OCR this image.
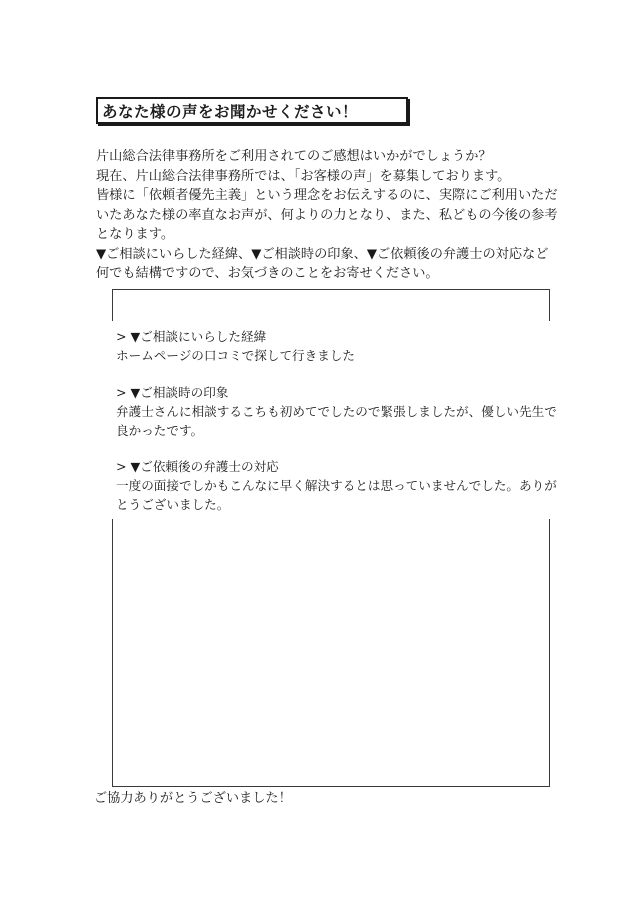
あなた様の声をお聞かせください！
片山総合法律事務所をご利用されてのご感想はいかがでしょうか？
現在、片山総合法律事務所では、「お客様の声」を募集しております。
皆様に「依頼者優先主義」という理念をお伝えするのに、実際にご利用いただ
いたあなた様の率直なお声が、何よりの力となり、また、私どもの今後の参考
となります。
▼ご相談にいらした経緯、▼ご相談時の印象、▼ご依頼後の弁護士の対応など
何でも結構ですので、お気づきのことをお寄せください。
> ▼ご相談にいらした経緯
ホームページの口コミで探して行きました
> ▼ご相談時の印象
弁護士さんに相談するこちも初めてでしたので緊張しましたが、優しい先生で
良かったです。
> ▼ご依頼後の弁護士の対応
一度の面接でしかもこんなに早く解決するとは思っていませんでした。ありが
とうございました。
ご協力ありがとうございました！
